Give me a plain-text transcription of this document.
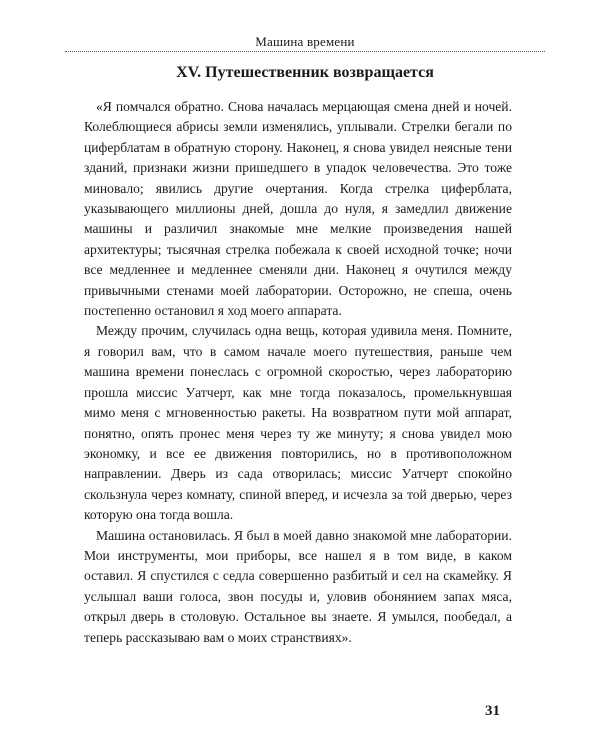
Машина времени
XV. Путешественник возвращается

«Я помчался обратно. Снова началась мерцающая смена дней и ночей. Колеблющиеся абрисы земли изменялись, уплывали. Стрелки бегали по циферблатам в обратную сторону. Наконец, я снова увидел неясные тени зданий, признаки жизни пришедшего в упадок человечества. Это тоже миновало; явились другие очертания. Когда стрелка циферблата, указывающего миллионы дней, дошла до нуля, я замедлил движение машины и различил знакомые мне мелкие произведения нашей архитектуры; тысячная стрелка побежала к своей исходной точке; ночи все медленнее и медленнее сменяли дни. Наконец я очутился между привычными стенами моей лаборатории. Осторожно, не спеша, очень постепенно остановил я ход моего аппарата.

Между прочим, случилась одна вещь, которая удивила меня. Помните, я говорил вам, что в самом начале моего путешествия, раньше чем машина времени понеслась с огромной скоростью, через лабораторию прошла миссис Уатчерт, как мне тогда показалось, промелькнувшая мимо меня с мгновенностью ракеты. На возвратном пути мой аппарат, понятно, опять пронес меня через ту же минуту; я снова увидел мою экономку, и все ее движения повторились, но в противоположном направлении. Дверь из сада отворилась; миссис Уатчерт спокойно скользнула через комнату, спиной вперед, и исчезла за той дверью, через которую она тогда вошла.

Машина остановилась. Я был в моей давно знакомой мне лаборатории. Мои инструменты, мои приборы, все нашел я в том виде, в каком оставил. Я спустился с седла совершенно разбитый и сел на скамейку. Я услышал ваши голоса, звон посуды и, уловив обонянием запах мяса, открыл дверь в столовую. Остальное вы знаете. Я умылся, пообедал, а теперь рассказываю вам о моих странствиях».

31
